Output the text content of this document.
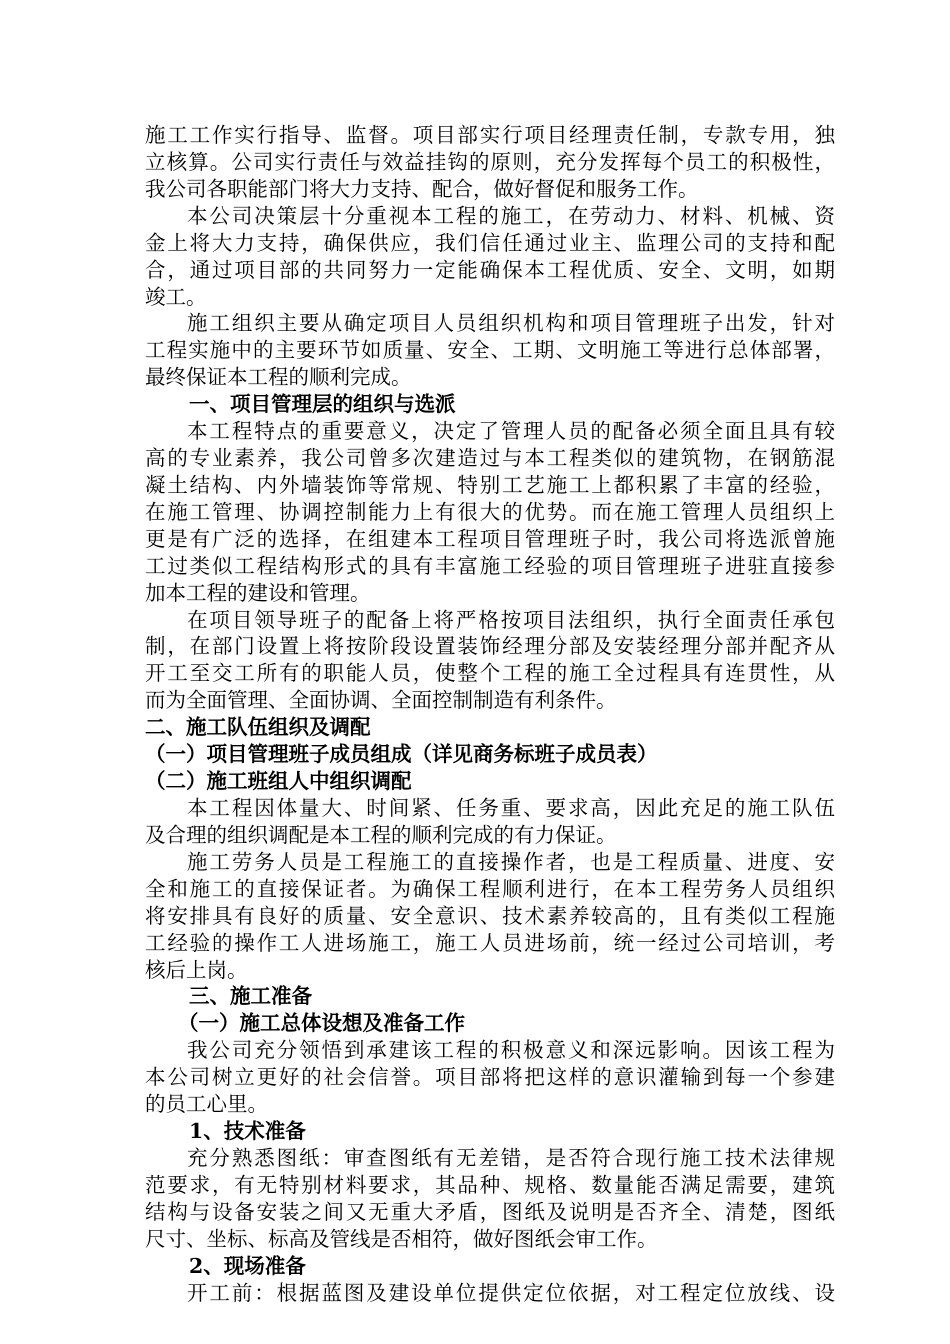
施工工作实行指导、监督。项目部实行项目经理责任制，专款专用，独
立核算。公司实行责任与效益挂钩的原则，充分发挥每个员工的积极性，
我公司各职能部门将大力支持、配合，做好督促和服务工作。
本公司决策层十分重视本工程的施工，在劳动力、材料、机械、资
金上将大力支持，确保供应，我们信任通过业主、监理公司的支持和配
合，通过项目部的共同努力一定能确保本工程优质、安全、文明，如期
竣工。
施工组织主要从确定项目人员组织机构和项目管理班子出发，针对
工程实施中的主要环节如质量、安全、工期、文明施工等进行总体部署，
最终保证本工程的顺利完成。
一、项目管理层的组织与选派
本工程特点的重要意义，决定了管理人员的配备必须全面且具有较
高的专业素养，我公司曾多次建造过与本工程类似的建筑物，在钢筋混
凝土结构、内外墙装饰等常规、特别工艺施工上都积累了丰富的经验，
在施工管理、协调控制能力上有很大的优势。而在施工管理人员组织上
更是有广泛的选择，在组建本工程项目管理班子时，我公司将选派曾施
工过类似工程结构形式的具有丰富施工经验的项目管理班子进驻直接参
加本工程的建设和管理。
在项目领导班子的配备上将严格按项目法组织，执行全面责任承包
制，在部门设置上将按阶段设置装饰经理分部及安装经理分部并配齐从
开工至交工所有的职能人员，使整个工程的施工全过程具有连贯性，从
而为全面管理、全面协调、全面控制制造有利条件。
二、施工队伍组织及调配
（一）项目管理班子成员组成（详见商务标班子成员表）
（二）施工班组人中组织调配
本工程因体量大、时间紧、任务重、要求高，因此充足的施工队伍
及合理的组织调配是本工程的顺利完成的有力保证。
施工劳务人员是工程施工的直接操作者，也是工程质量、进度、安
全和施工的直接保证者。为确保工程顺利进行，在本工程劳务人员组织
将安排具有良好的质量、安全意识、技术素养较高的，且有类似工程施
工经验的操作工人进场施工，施工人员进场前，统一经过公司培训，考
核后上岗。
三、施工准备
（一）施工总体设想及准备工作
我公司充分领悟到承建该工程的积极意义和深远影响。因该工程为
本公司树立更好的社会信誉。项目部将把这样的意识灌输到每一个参建
的员工心里。
1、技术准备
充分熟悉图纸：审查图纸有无差错，是否符合现行施工技术法律规
范要求，有无特别材料要求，其品种、规格、数量能否满足需要，建筑
结构与设备安装之间又无重大矛盾，图纸及说明是否齐全、清楚，图纸
尺寸、坐标、标高及管线是否相符，做好图纸会审工作。
2、现场准备
开工前：根据蓝图及建设单位提供定位依据，对工程定位放线、设
